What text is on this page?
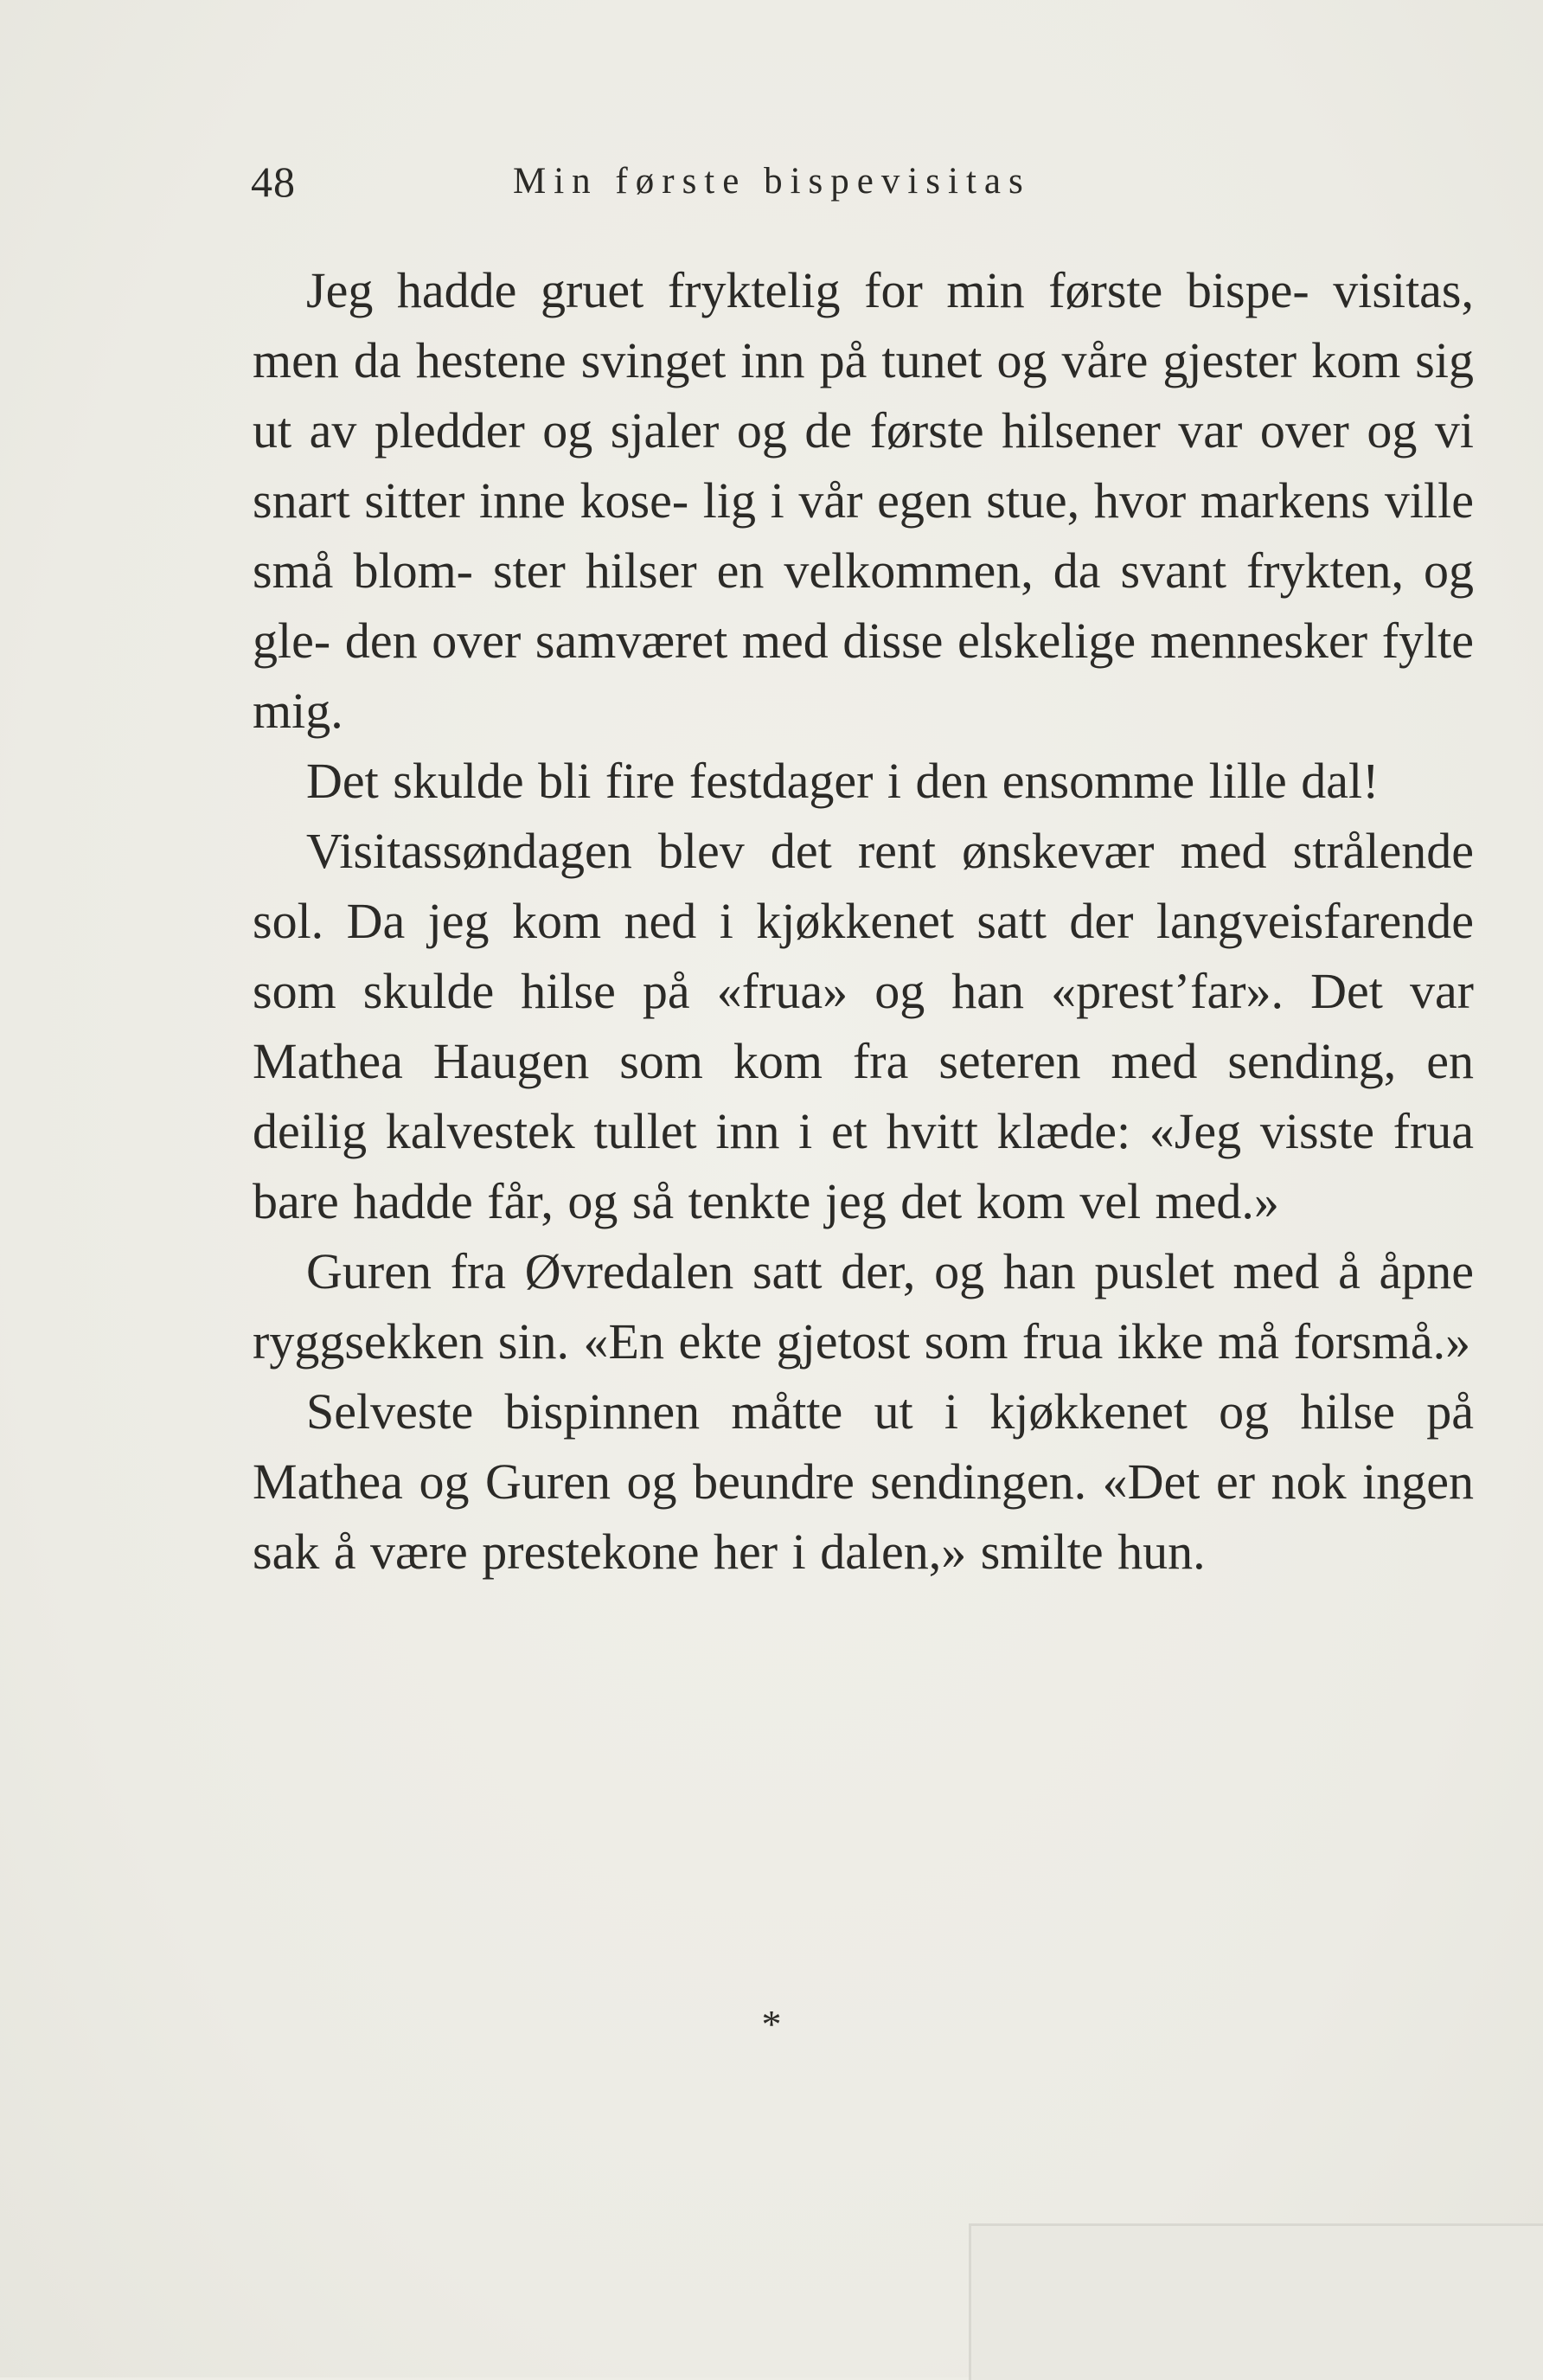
48	Min første bispevisitas

Jeg hadde gruet fryktelig for min første bispe- visitas, men da hestene svinget inn på tunet og våre gjester kom sig ut av pledder og sjaler og de første hilsener var over og vi snart sitter inne kose- lig i vår egen stue, hvor markens ville små blom- ster hilser en velkommen, da svant frykten, og gle- den over samværet med disse elskelige mennesker fylte mig.

Det skulde bli fire festdager i den ensomme lille dal!

Visitassøndagen blev det rent ønskevær med strålende sol. Da jeg kom ned i kjøkkenet satt der langveisfarende som skulde hilse på «frua» og han «prest’far». Det var Mathea Haugen som kom fra seteren med sending, en deilig kalvestek tullet inn i et hvitt klæde: «Jeg visste frua bare hadde får, og så tenkte jeg det kom vel med.»

Guren fra Øvredalen satt der, og han puslet med å åpne ryggsekken sin. «En ekte gjetost som frua ikke må forsmå.»

Selveste bispinnen måtte ut i kjøkkenet og hilse på Mathea og Guren og beundre sendingen. «Det er nok ingen sak å være prestekone her i dalen,» smilte hun.

*
